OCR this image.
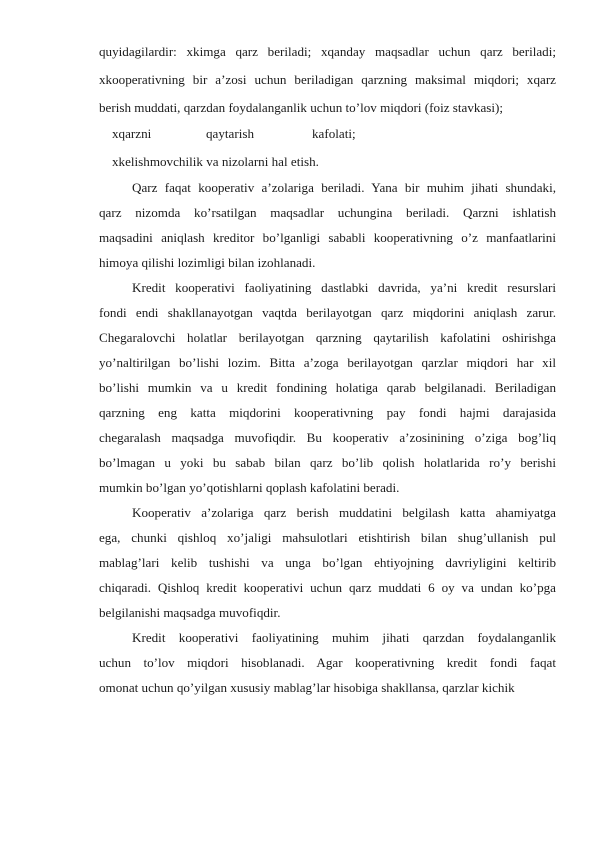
quyidagilardir: xkimga qarz beriladi; xqanday maqsadlar uchun qarz beriladi;
xkooperativning bir a’zosi uchun beriladigan qarzning maksimal miqdori; xqarz
berish muddati, qarzdan foydalanganlik uchun to’lov miqdori (foiz stavkasi);
xqarzni	qaytarish	kafolati;
xkelishmovchilik va nizolarni hal etish.
Qarz faqat kooperativ a’zolariga beriladi. Yana bir muhim jihati shundaki,
qarz nizomda ko’rsatilgan maqsadlar uchungina beriladi. Qarzni ishlatish
maqsadini aniqlash kreditor bo’lganligi sababli kooperativning o’z manfaatlarini
himoya qilishi lozimligi bilan izohlanadi.
Kredit kooperativi faoliyatining dastlabki davrida, ya’ni kredit resurslari
fondi endi shakllanayotgan vaqtda berilayotgan qarz miqdorini aniqlash zarur.
Chegaralovchi holatlar berilayotgan qarzning qaytarilish kafolatini oshirishga
yo’naltirilgan bo’lishi lozim. Bitta a’zoga berilayotgan qarzlar miqdori har xil
bo’lishi mumkin va u kredit fondining holatiga qarab belgilanadi. Beriladigan
qarzning eng katta miqdorini kooperativning pay fondi hajmi darajasida
chegaralash maqsadga muvofiqdir. Bu kooperativ a’zosinining o’ziga bog’liq
bo’lmagan u yoki bu sabab bilan qarz bo’lib qolish holatlarida ro’y berishi
mumkin bo’lgan yo’qotishlarni qoplash kafolatini beradi.
Kooperativ a’zolariga qarz berish muddatini belgilash katta ahamiyatga
ega, chunki qishloq xo’jaligi mahsulotlari etishtirish bilan shug’ullanish pul
mablag’lari kelib tushishi va unga bo’lgan ehtiyojning davriyligini keltirib
chiqaradi. Qishloq kredit kooperativi uchun qarz muddati 6 oy va undan ko’pga
belgilanishi maqsadga muvofiqdir.
Kredit kooperativi faoliyatining muhim jihati qarzdan foydalanganlik
uchun to’lov miqdori hisoblanadi. Agar kooperativning kredit fondi faqat
omonat uchun qo’yilgan xususiy mablag’lar hisobiga shakllansa, qarzlar kichik
